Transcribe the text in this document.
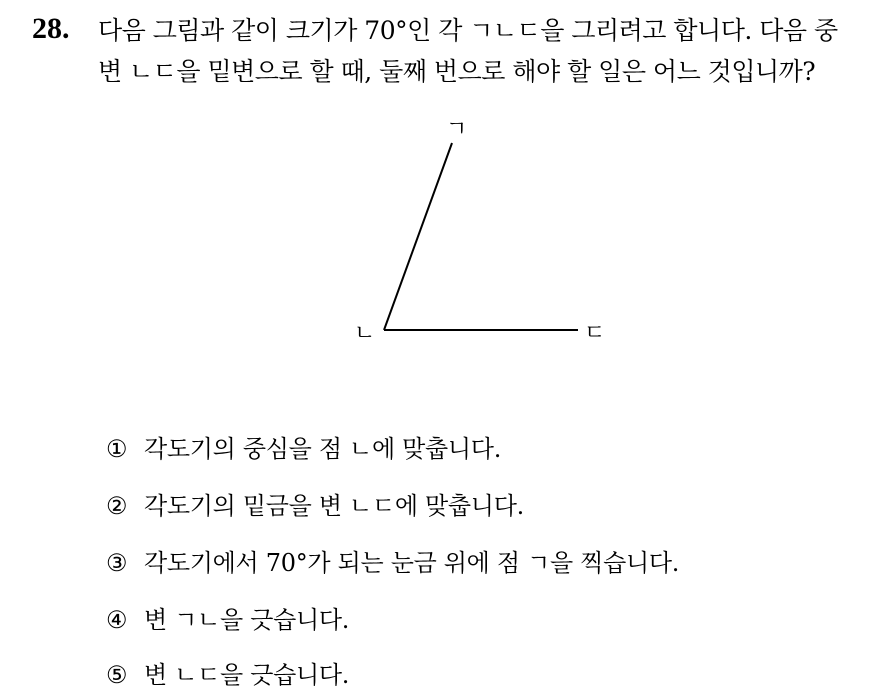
28. 다음 그림과 같이 크기가 70°인 각 ㄱㄴㄷ을 그리려고 합니다. 다음 중
변 ㄴㄷ을 밑변으로 할 때, 둘째 번으로 해야 할 일은 어느 것입니까?
ㄱ
ㄴ	ㄷ
① 각도기의 중심을 점 ㄴ에 맞춥니다.
② 각도기의 밑금을 변 ㄴㄷ에 맞춥니다.
③ 각도기에서 70°가 되는 눈금 위에 점 ㄱ을 찍습니다.
④ 변 ㄱㄴ을 긋습니다.
⑤ 변 ㄴㄷ을 긋습니다.
